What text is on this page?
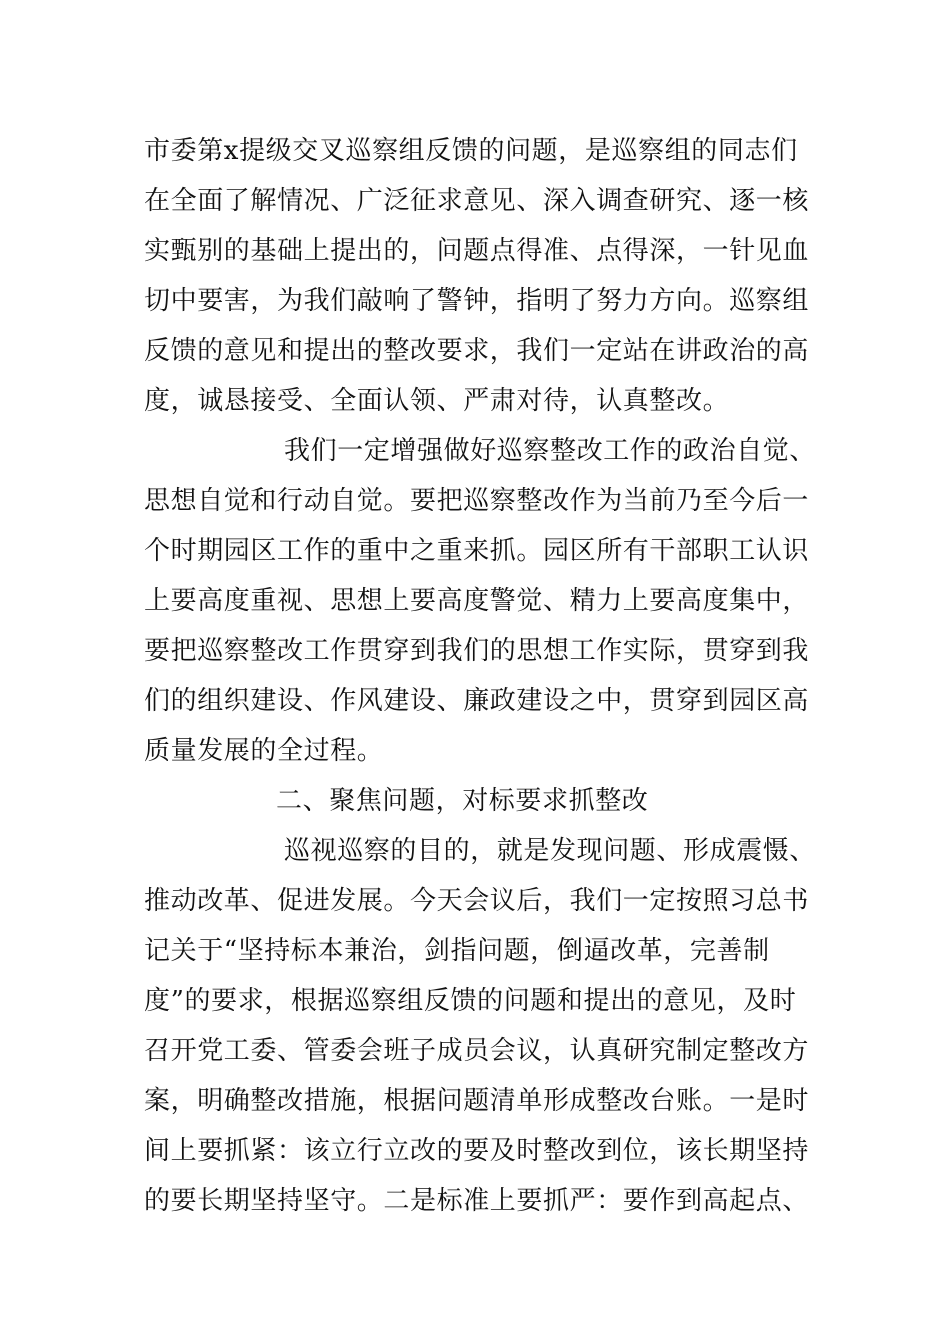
市委第x提级交叉巡察组反馈的问题，是巡察组的同志们
在全面了解情况、广泛征求意见、深入调查研究、逐一核
实甄别的基础上提出的，问题点得准、点得深，一针见血
切中要害，为我们敲响了警钟，指明了努力方向。巡察组
反馈的意见和提出的整改要求，我们一定站在讲政治的高
度，诚恳接受、全面认领、严肃对待，认真整改。
我们一定增强做好巡察整改工作的政治自觉、
思想自觉和行动自觉。要把巡察整改作为当前乃至今后一
个时期园区工作的重中之重来抓。园区所有干部职工认识
上要高度重视、思想上要高度警觉、精力上要高度集中，
要把巡察整改工作贯穿到我们的思想工作实际，贯穿到我
们的组织建设、作风建设、廉政建设之中，贯穿到园区高
质量发展的全过程。
二、聚焦问题，对标要求抓整改
巡视巡察的目的，就是发现问题、形成震慑、
推动改革、促进发展。今天会议后，我们一定按照习总书
记关于“坚持标本兼治，剑指问题，倒逼改革，完善制
度”的要求，根据巡察组反馈的问题和提出的意见，及时
召开党工委、管委会班子成员会议，认真研究制定整改方
案，明确整改措施，根据问题清单形成整改台账。一是时
间上要抓紧：该立行立改的要及时整改到位，该长期坚持
的要长期坚持坚守。二是标准上要抓严：要作到高起点、
